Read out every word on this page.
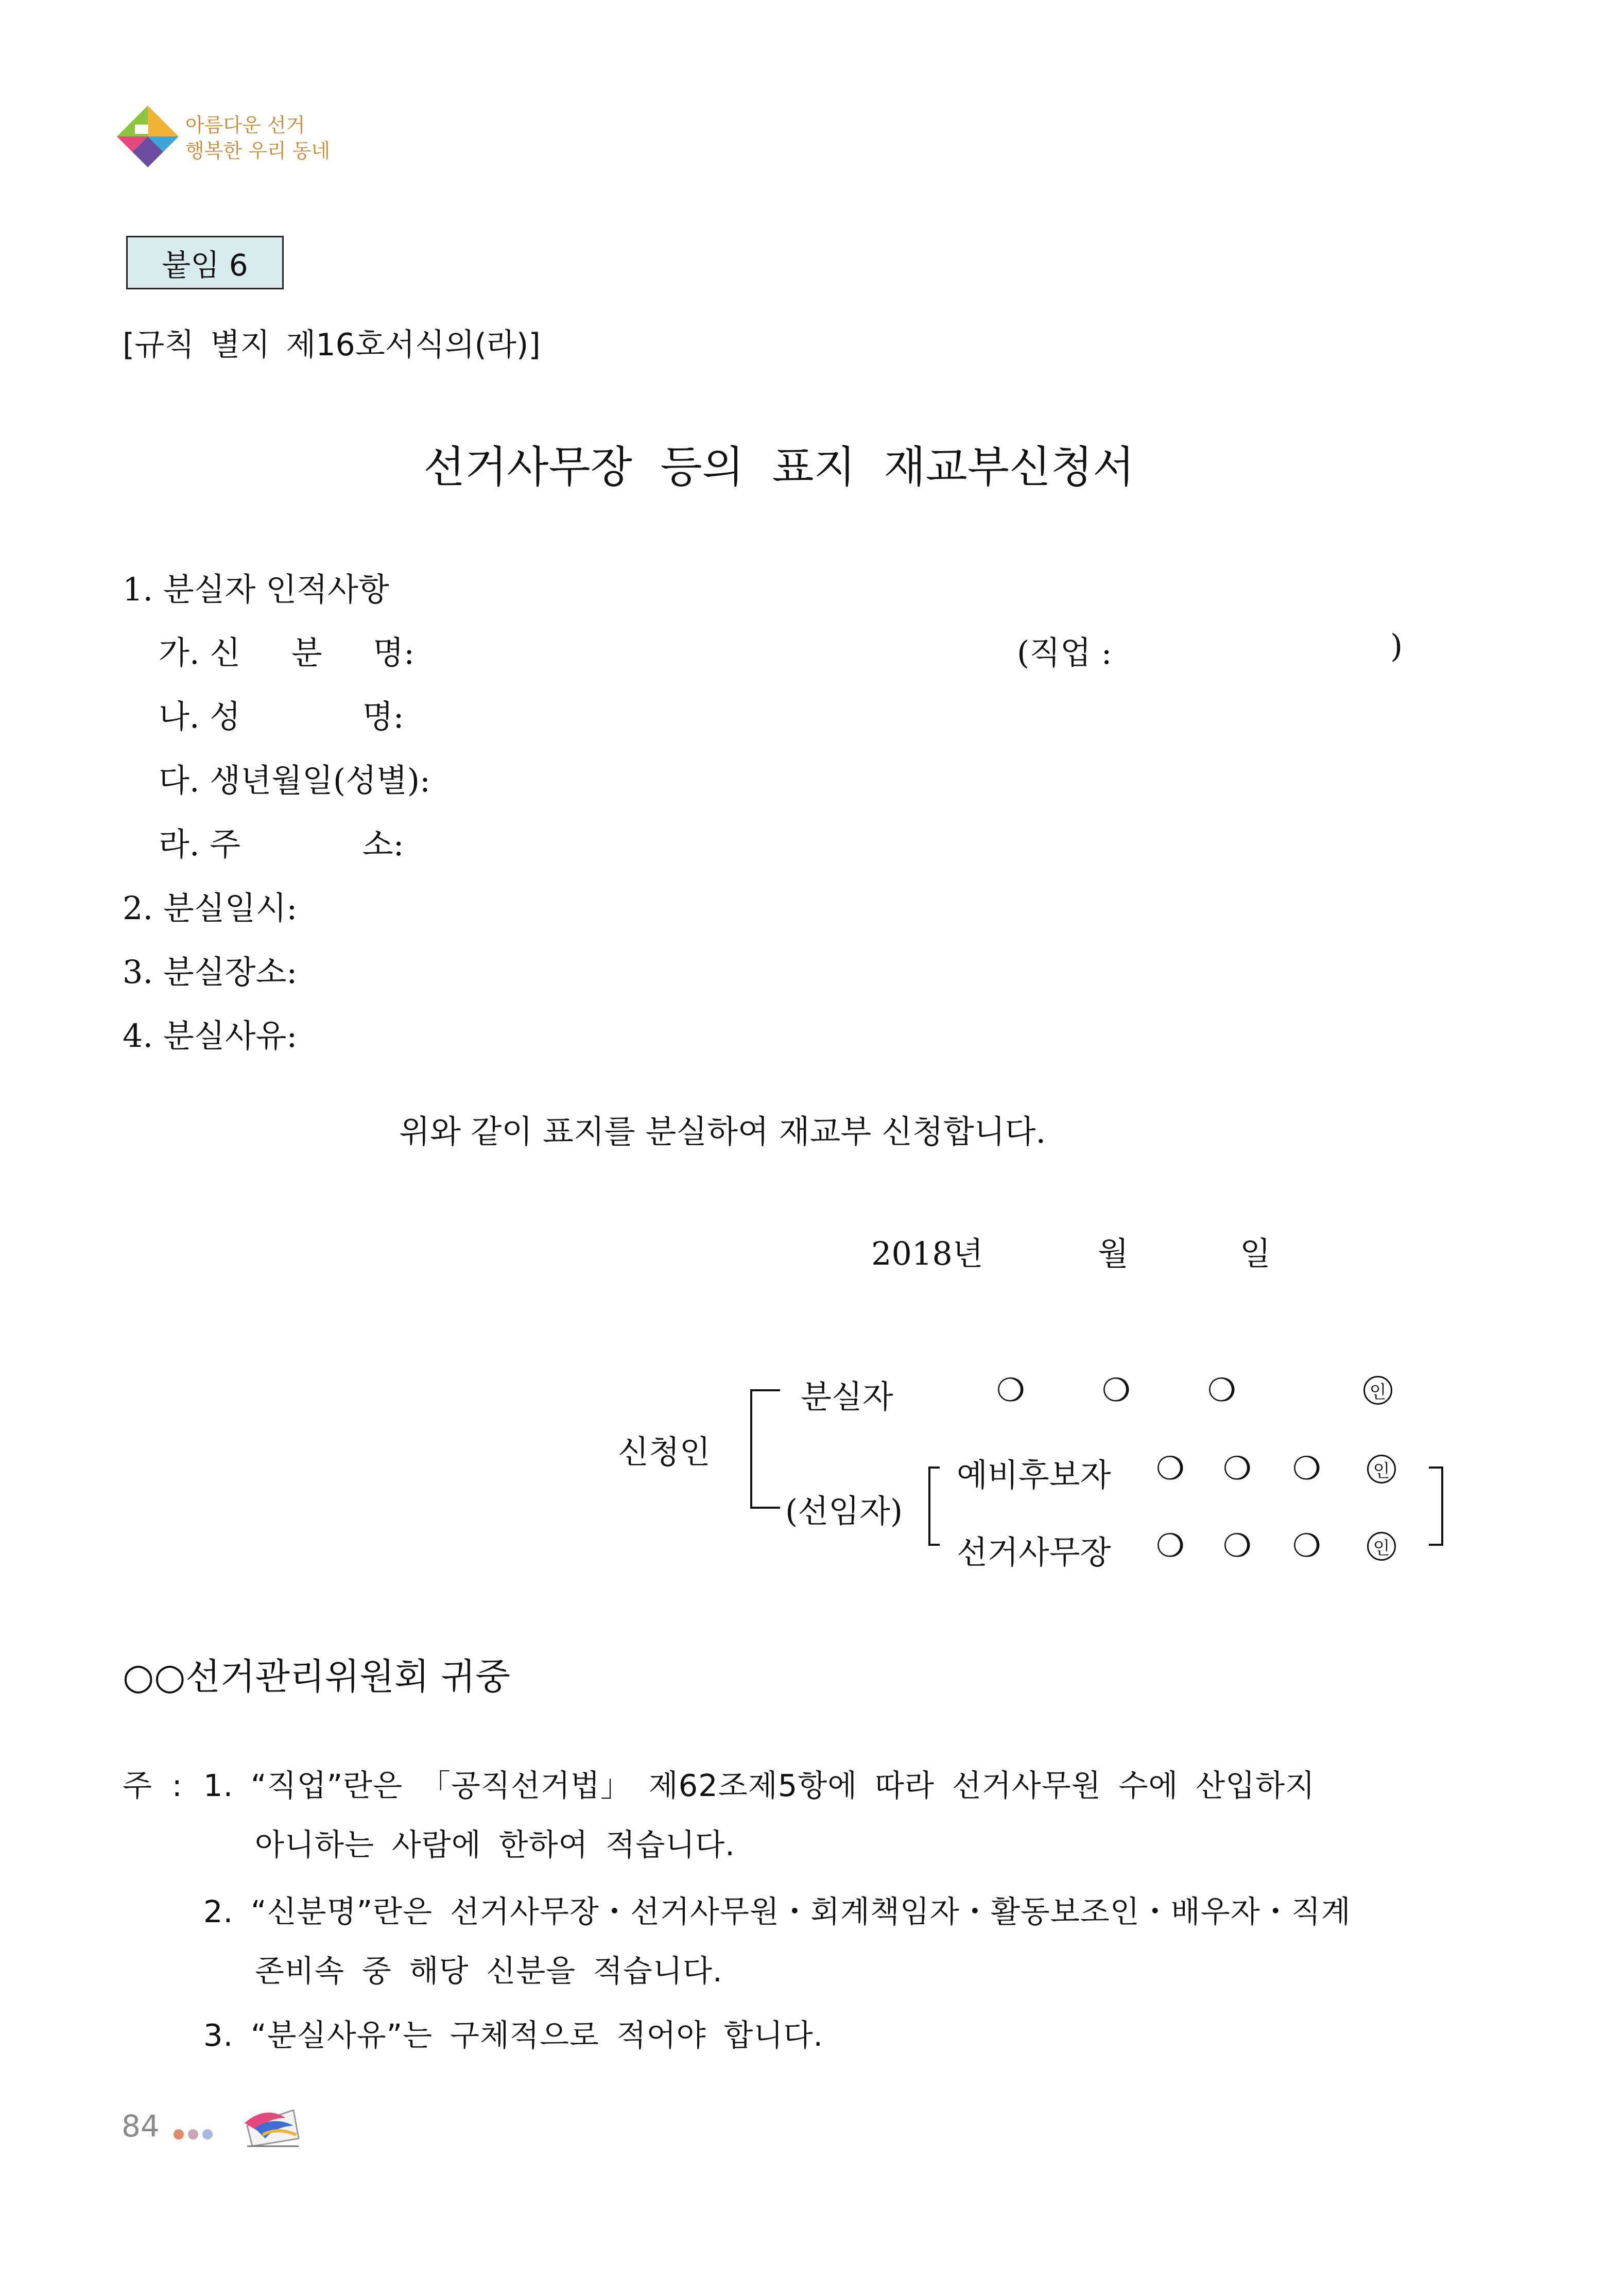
아름다운 선거
행복한 우리 동네
붙임 6
[규칙 별지 제16호서식의(라)]
선거사무장 등의 표지 재교부신청서
1. 분실자 인적사항
가. 신     분     명:	(직업 :	)
나. 성            명:
다. 생년월일(성별):
라. 주            소:
2. 분실일시:
3. 분실장소:
4. 분실사유:
위와 같이 표지를 분실하여 재교부 신청합니다.
2018년	월	일
신청인
분실자	❍ ❍ ❍	인
(선임자)
예비후보자 ❍ ❍ ❍	인
선거사무장 ❍ ❍ ❍	인
○○선거관리위원회 귀중
주 : 1. “직업”란은 「공직선거법」 제62조제5항에 따라 선거사무원 수에 산입하지
아니하는 사람에 한하여 적습니다.
2. “신분명”란은 선거사무장・선거사무원・회계책임자・활동보조인・배우자・직계
존비속 중 해당 신분을 적습니다.
3. “분실사유”는 구체적으로 적어야 합니다.
84
